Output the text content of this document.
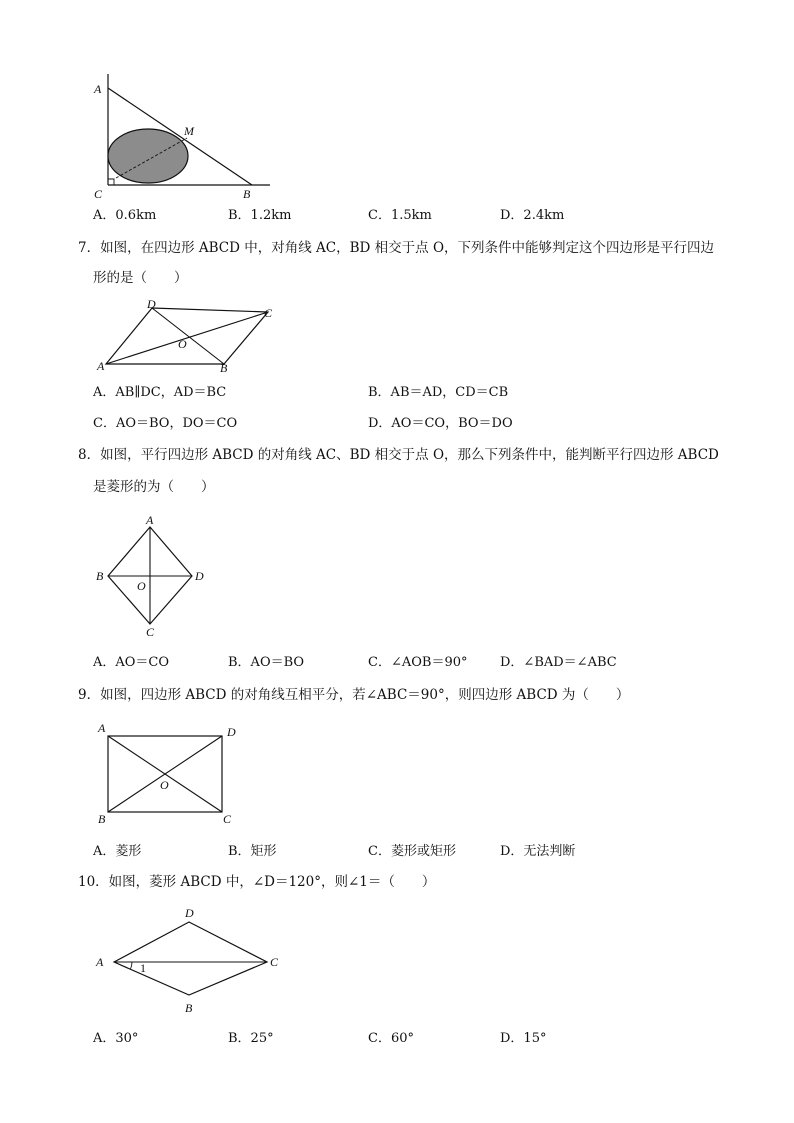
A
M
C	B
A．0.6km	B．1.2km	C．1.5km	D．2.4km
7．如图，在四边形 ABCD 中，对角线 AC，BD 相交于点 O，下列条件中能够判定这个四边形是平行四边
形的是（　　）
D
C
O
A	B
A．AB∥DC，AD＝BC	B．AB＝AD，CD＝CB
C．AO＝BO，DO＝CO	D．AO＝CO，BO＝DO
8．如图，平行四边形 ABCD 的对角线 AC、BD 相交于点 O，那么下列条件中，能判断平行四边形 ABCD
是菱形的为（　　）
A
B
O
D
C
A．AO＝CO	B．AO＝BO	C．∠AOB＝90°	D．∠BAD＝∠ABC
9．如图，四边形 ABCD 的对角线互相平分，若∠ABC＝90°，则四边形 ABCD 为（　　）
A	D
O
B	C
A．菱形	B．矩形	C．菱形或矩形	D．无法判断
10．如图，菱形 ABCD 中，∠D＝120°，则∠1＝（　　）
D
A	C
B
1
A．30°	B．25°	C．60°	D．15°
